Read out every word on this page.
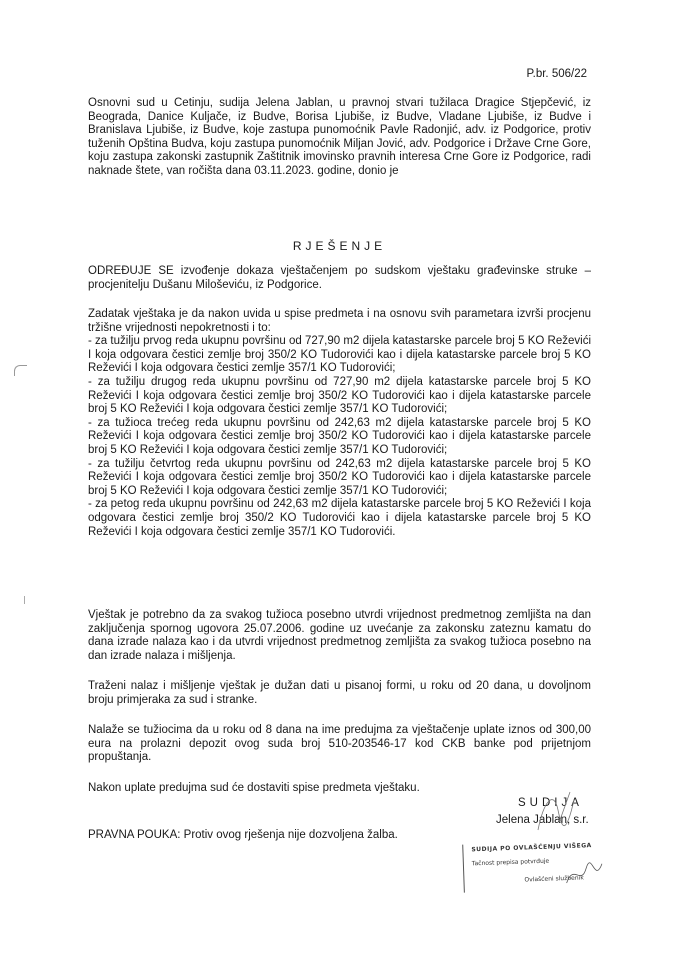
P.br. 506/22

Osnovni sud u Cetinju, sudija Jelena Jablan, u pravnoj stvari tužilaca Dragice Stjepčević, iz Beograda, Danice Kuljače, iz Budve, Borisa Ljubiše, iz Budve, Vladane Ljubiše, iz Budve i Branislava Ljubiše, iz Budve, koje zastupa punomoćnik Pavle Radonjić, adv. iz Podgorice, protiv tuženih Opština Budva, koju zastupa punomoćnik Miljan Jović, adv. Podgorice i Države Crne Gore, koju zastupa zakonski zastupnik Zaštitnik imovinsko pravnih interesa Crne Gore iz Podgorice, radi naknade štete, van ročišta dana 03.11.2023. godine, donio je

RJEŠENJE

ODREĐUJE SE izvođenje dokaza vještačenjem po sudskom vještaku građevinske struke – procjenitelju Dušanu Miloševiću, iz Podgorice.

Zadatak vještaka je da nakon uvida u spise predmeta i na osnovu svih parametara izvrši procjenu tržišne vrijednosti nepokretnosti i to:

- za tužilju prvog reda ukupnu površinu od 727,90 m2 dijela katastarske parcele broj 5 KO Reževići I koja odgovara čestici zemlje broj 350/2 KO Tudorovići kao i dijela katastarske parcele broj 5 KO Reževići I koja odgovara čestici zemlje 357/1 KO Tudorovići;

- za tužilju drugog reda ukupnu površinu od 727,90 m2 dijela katastarske parcele broj 5 KO Reževići I koja odgovara čestici zemlje broj 350/2 KO Tudorovići kao i dijela katastarske parcele broj 5 KO Reževići I koja odgovara čestici zemlje 357/1 KO Tudorovići;

- za tužioca trećeg reda ukupnu površinu od 242,63 m2 dijela katastarske parcele broj 5 KO Reževići I koja odgovara čestici zemlje broj 350/2 KO Tudorovići kao i dijela katastarske parcele broj 5 KO Reževići I koja odgovara čestici zemlje 357/1 KO Tudorovići;

- za tužilju četvrtog reda ukupnu površinu od 242,63 m2 dijela katastarske parcele broj 5 KO Reževići I koja odgovara čestici zemlje broj 350/2 KO Tudorovići kao i dijela katastarske parcele broj 5 KO Reževići I koja odgovara čestici zemlje 357/1 KO Tudorovići;

- za petog reda ukupnu površinu od 242,63 m2 dijela katastarske parcele broj 5 KO Reževići I koja odgovara čestici zemlje broj 350/2 KO Tudorovići kao i dijela katastarske parcele broj 5 KO Reževići I koja odgovara čestici zemlje 357/1 KO Tudorovići.

Vještak je potrebno da za svakog tužioca posebno utvrdi vrijednost predmetnog zemljišta na dan zaključenja spornog ugovora 25.07.2006. godine uz uvećanje za zakonsku zateznu kamatu do dana izrade nalaza kao i da utvrdi vrijednost predmetnog zemljišta za svakog tužioca posebno na dan izrade nalaza i mišljenja.

Traženi nalaz i mišljenje vještak je dužan dati u pisanoj formi, u roku od 20 dana, u dovoljnom broju primjeraka za sud i stranke.

Nalaže se tužiocima da u roku od 8 dana na ime predujma za vještačenje uplate iznos od 300,00 eura na prolazni depozit ovog suda broj 510-203546-17 kod CKB banke pod prijetnjom propuštanja.

Nakon uplate predujma sud će dostaviti spise predmeta vještaku.

SUDIJA
Jelena Jablan, s.r.
PRAVNA POUKA: Protiv ovog rješenja nije dozvoljena žalba.
SUDIJA PO OVLAŠĆENJU VIŠEGA
Tačnost prepisa potvrđuje
Ovlašćeni službenik
